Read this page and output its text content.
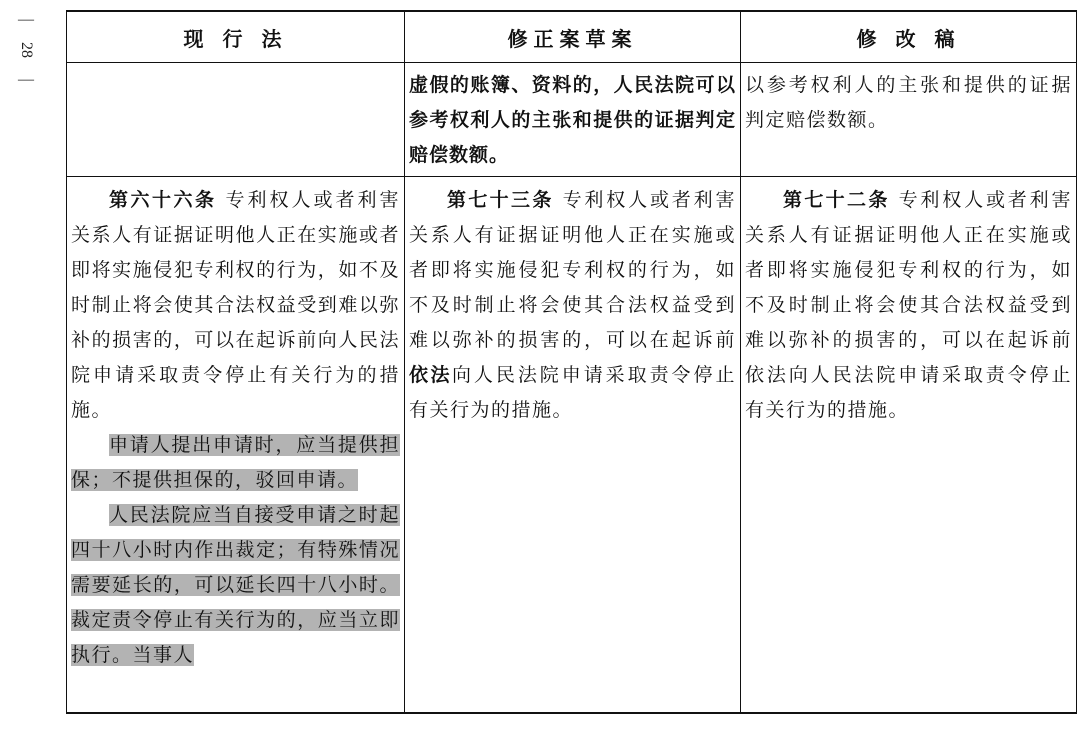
—
28
—
现 行 法	修正案草案	修 改 稿

	虚假的账簿、资料的，人民法院可以参考权利人的主张和提供的证据判定赔偿数额。	以参考权利人的主张和提供的证据判定赔偿数额。

第六十六条 专利权人或者利害关系人有证据证明他人正在实施或者即将实施侵犯专利权的行为，如不及时制止将会使其合法权益受到难以弥补的损害的，可以在起诉前向人民法院申请采取责令停止有关行为的措施。

申请人提出申请时，应当提供担保；不提供担保的，驳回申请。

人民法院应当自接受申请之时起四十八小时内作出裁定；有特殊情况需要延长的，可以延长四十八小时。裁定责令停止有关行为的，应当立即执行。当事人	第七十三条 专利权人或者利害关系人有证据证明他人正在实施或者即将实施侵犯专利权的行为，如不及时制止将会使其合法权益受到难以弥补的损害的，可以在起诉前依法向人民法院申请采取责令停止有关行为的措施。	第七十二条 专利权人或者利害关系人有证据证明他人正在实施或者即将实施侵犯专利权的行为，如不及时制止将会使其合法权益受到难以弥补的损害的，可以在起诉前依法向人民法院申请采取责令停止有关行为的措施。
